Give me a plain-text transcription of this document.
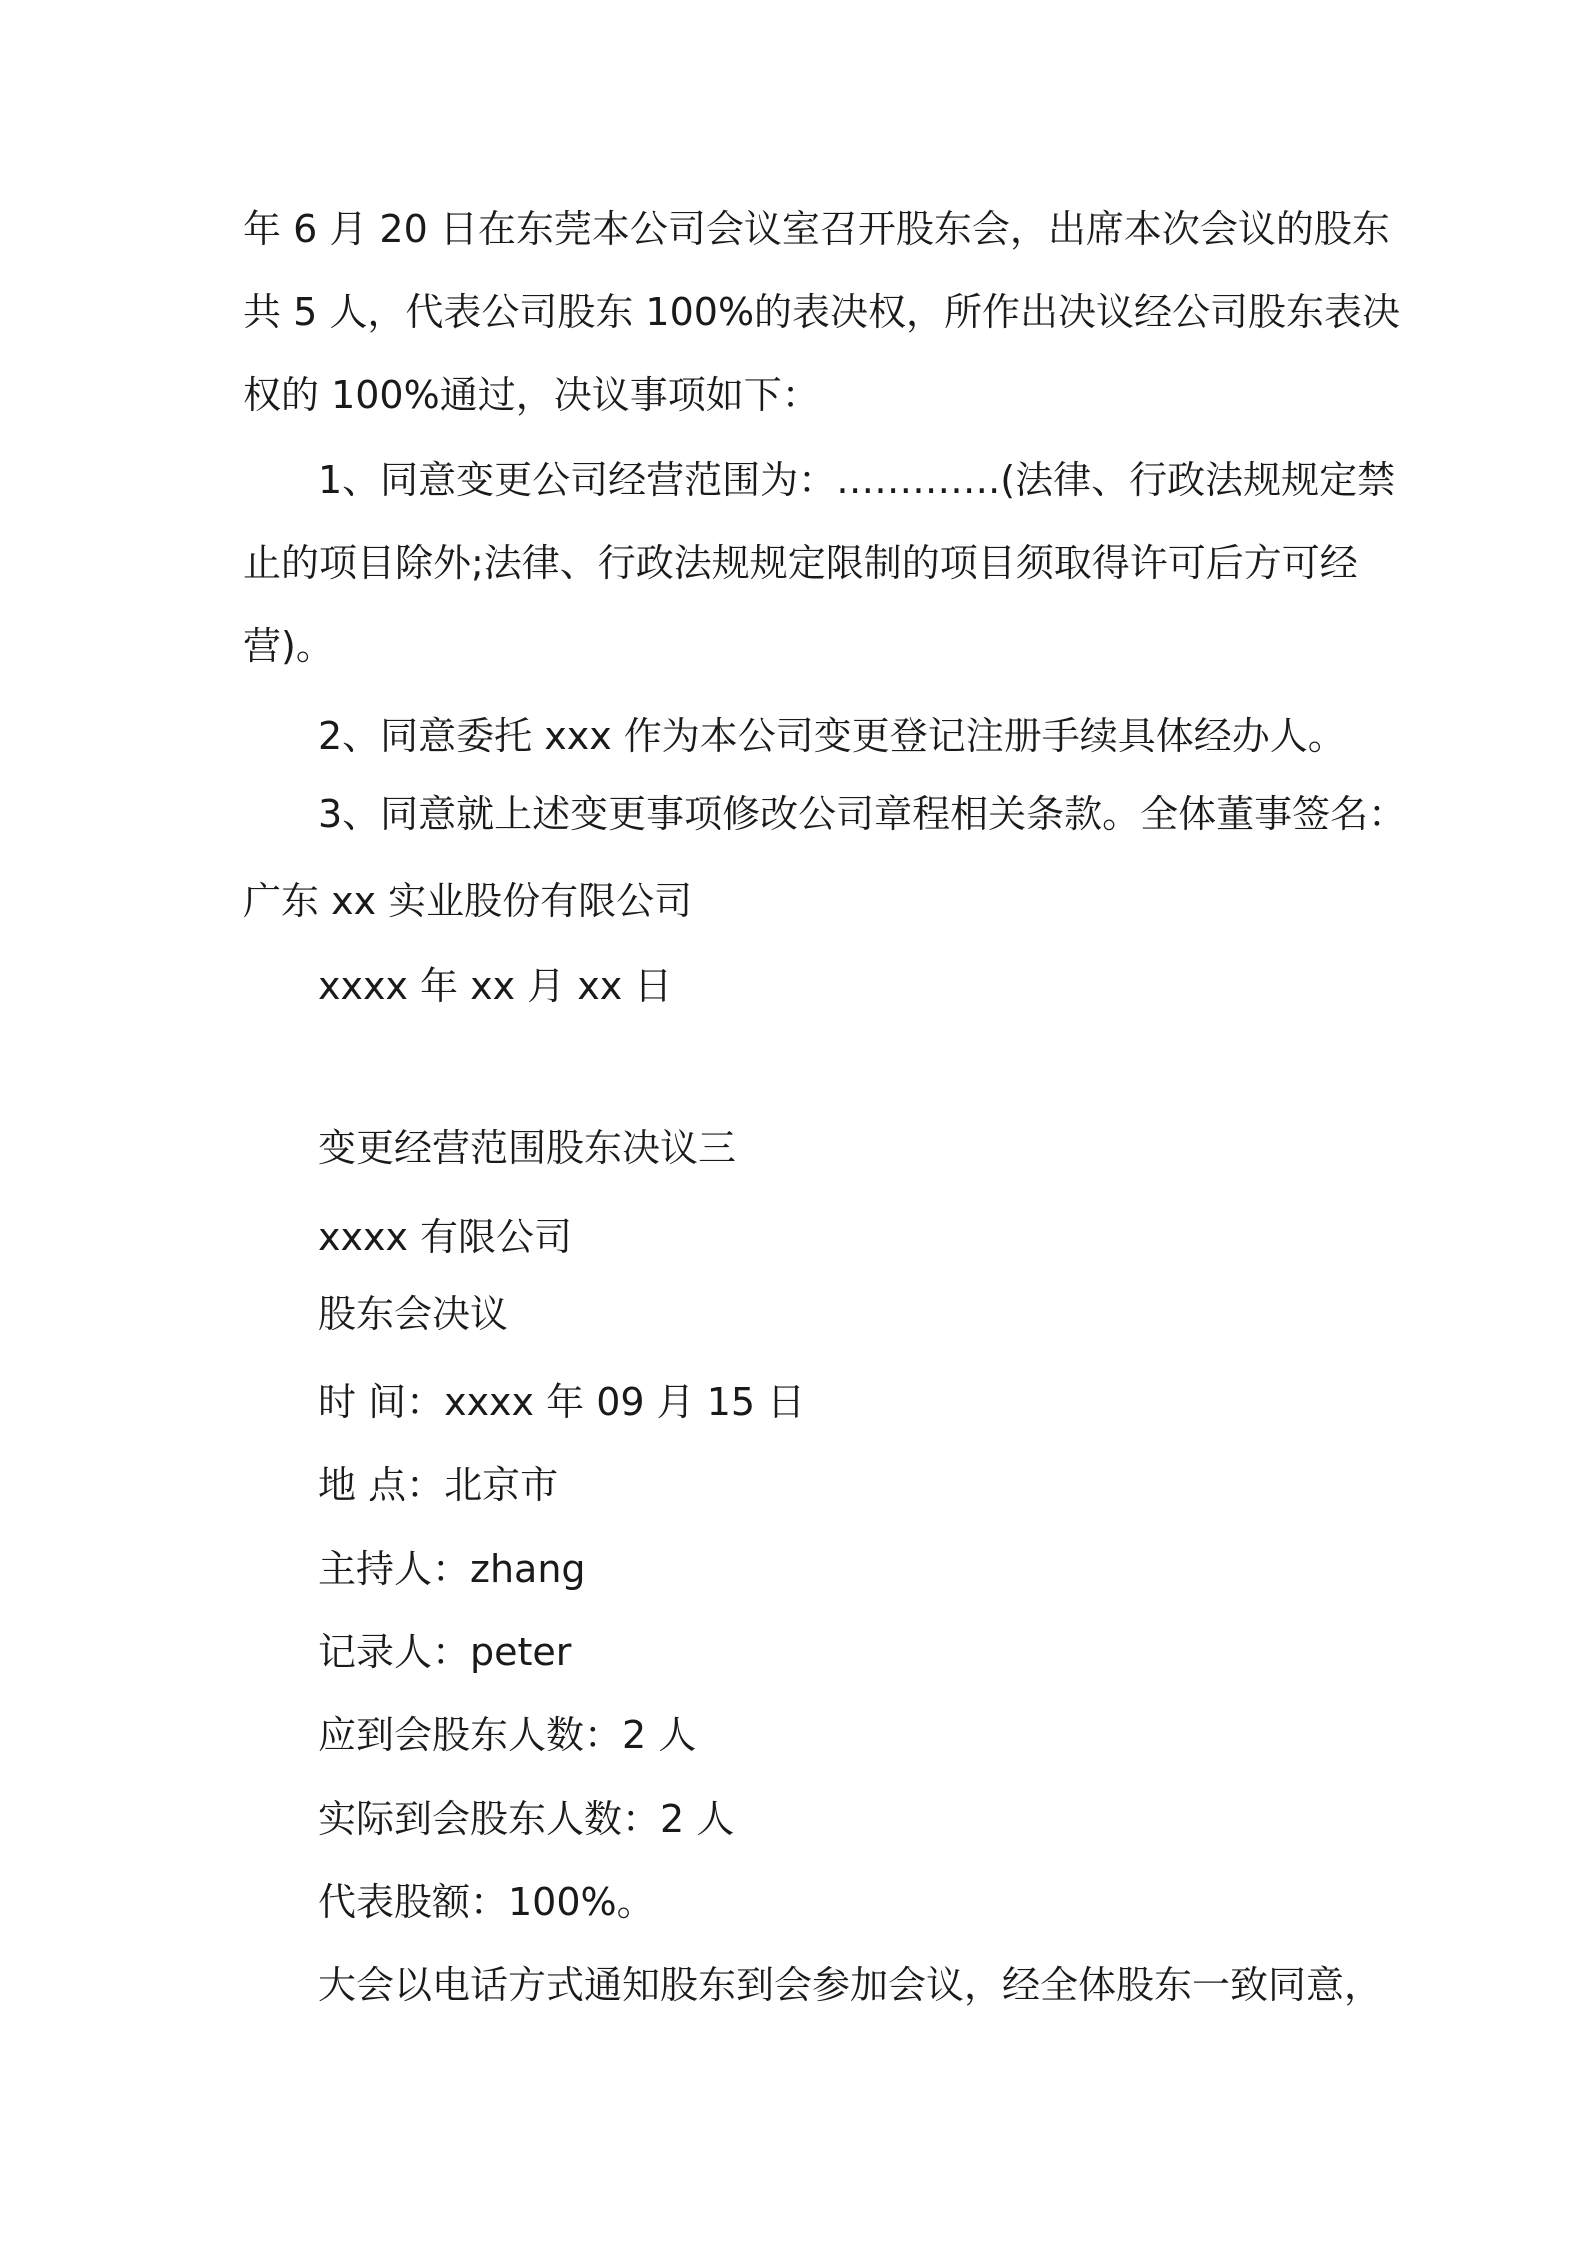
年 6 月 20 日在东莞本公司会议室召开股东会，出席本次会议的股东
共 5 人，代表公司股东 100%的表决权，所作出决议经公司股东表决
权的 100%通过，决议事项如下：
1、同意变更公司经营范围为：………….(法律、行政法规规定禁
止的项目除外;法律、行政法规规定限制的项目须取得许可后方可经
营)。
2、同意委托 xxx 作为本公司变更登记注册手续具体经办人。
3、同意就上述变更事项修改公司章程相关条款。全体董事签名：
广东 xx 实业股份有限公司
xxxx 年 xx 月 xx 日
变更经营范围股东决议三
xxxx 有限公司
股东会决议
时 间：xxxx 年 09 月 15 日
地 点：北京市
主持人：zhang
记录人：peter
应到会股东人数：2 人
实际到会股东人数：2 人
代表股额：100%。
大会以电话方式通知股东到会参加会议，经全体股东一致同意，
